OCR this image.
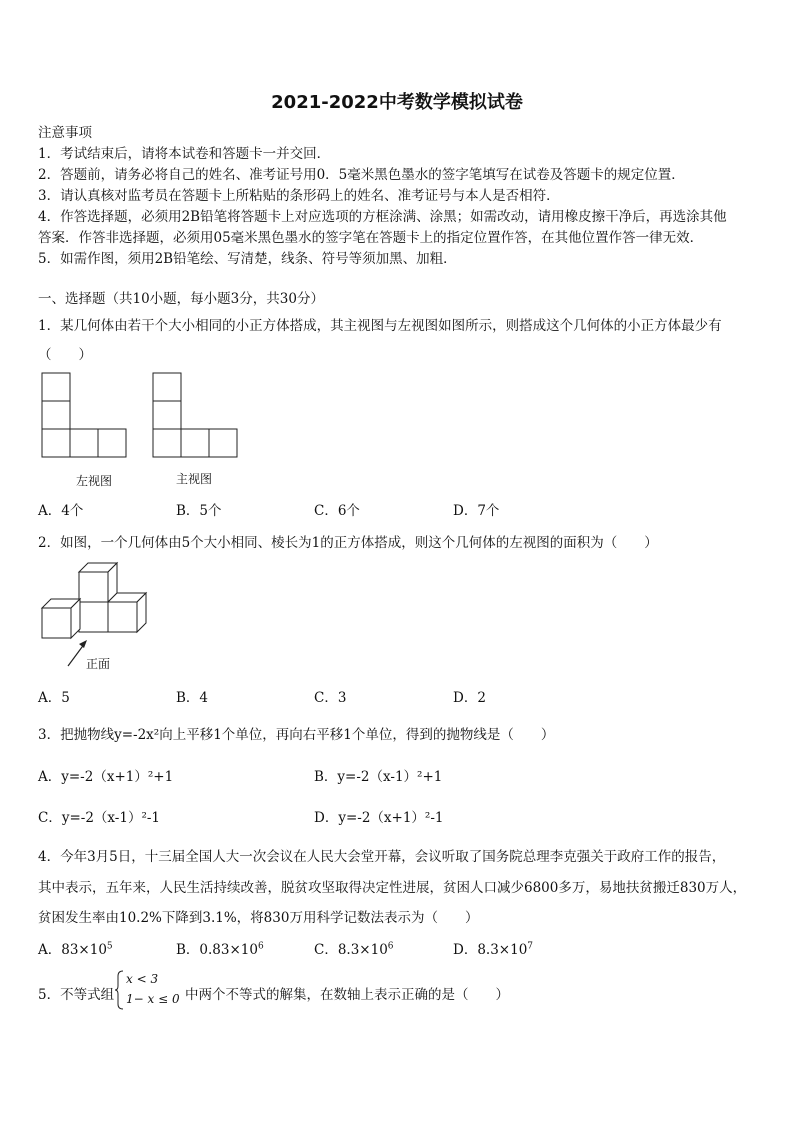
2021-2022中考数学模拟试卷
注意事项
1．考试结束后，请将本试卷和答题卡一并交回．
2．答题前，请务必将自己的姓名、准考证号用0．5毫米黑色墨水的签字笔填写在试卷及答题卡的规定位置．
3．请认真核对监考员在答题卡上所粘贴的条形码上的姓名、准考证号与本人是否相符．
4．作答选择题，必须用2B铅笔将答题卡上对应选项的方框涂满、涂黑；如需改动，请用橡皮擦干净后，再选涂其他
答案．作答非选择题，必须用05毫米黑色墨水的签字笔在答题卡上的指定位置作答，在其他位置作答一律无效．
5．如需作图，须用2B铅笔绘、写清楚，线条、符号等须加黑、加粗．
一、选择题（共10小题，每小题3分，共30分）
1．某几何体由若干个大小相同的小正方体搭成，其主视图与左视图如图所示，则搭成这个几何体的小正方体最少有
（　　）
左视图	主视图
A．4个	B．5个	C．6个	D．7个
2．如图，一个几何体由5个大小相同、棱长为1的正方体搭成，则这个几何体的左视图的面积为（　　）
正面
A．5	B．4	C．3	D．2
3．把抛物线y=-2x²向上平移1个单位，再向右平移1个单位，得到的抛物线是（　　）
A．y=-2（x+1）²+1	B．y=-2（x-1）²+1
C．y=-2（x-1）²-1	D．y=-2（x+1）²-1
4．今年3月5日，十三届全国人大一次会议在人民大会堂开幕，会议听取了国务院总理李克强关于政府工作的报告，
其中表示，五年来，人民生活持续改善，脱贫攻坚取得决定性进展，贫困人口减少6800多万，易地扶贫搬迁830万人，
贫困发生率由10.2%下降到3.1%，将830万用科学记数法表示为（　　）
A．$83\times 10^5$	B．$0.83\times 10^6$	C．$8.3\times 10^6$	D．$8.3\times 10^7$
5．不等式组
x < 3
1− x ≤ 0 中两个不等式的解集，在数轴上表示正确的是（　　）
